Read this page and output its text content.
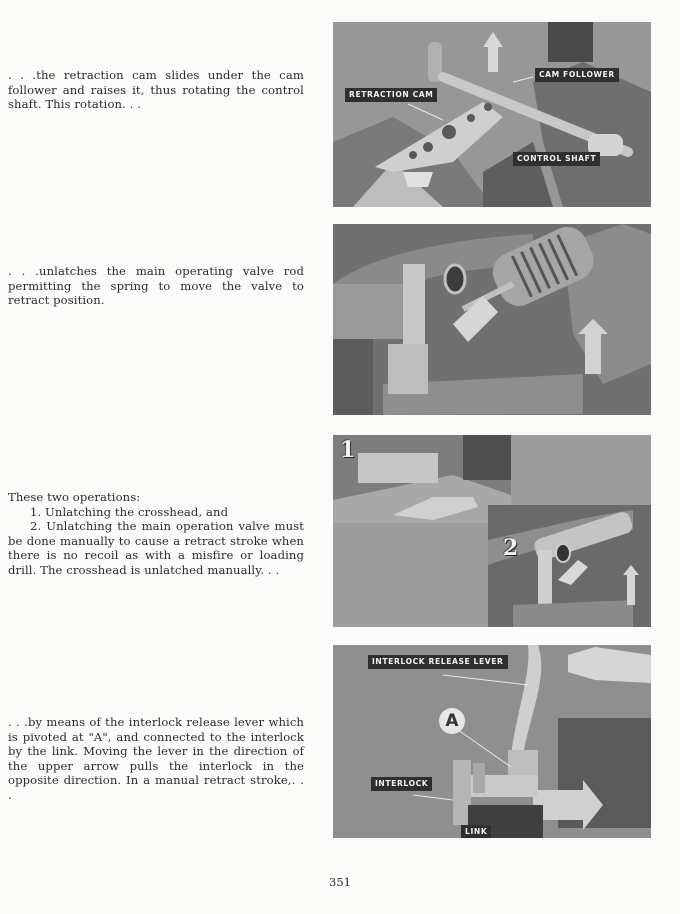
. . .the retraction cam slides under the cam follower and raises it, thus rotating the control shaft. This rotation. . .

. . .unlatches the main operating valve rod permitting the spring to move the valve to retract position.

These two operations:

1. Unlatching the crosshead, and

2. Unlatching the main operation valve must be done manually to cause a retract stroke when there is no recoil as with a misfire or loading drill. The crosshead is unlatched manually. . .

. . .by means of the interlock release lever which is pivoted at "A", and connected to the interlock by the link. Moving the lever in the direction of the upper arrow pulls the interlock in the opposite direction. In a manual retract stroke,. . .

RETRACTION CAM
CAM FOLLOWER
CONTROL SHAFT
1
2
INTERLOCK RELEASE LEVER
A
INTERLOCK
LINK
351
